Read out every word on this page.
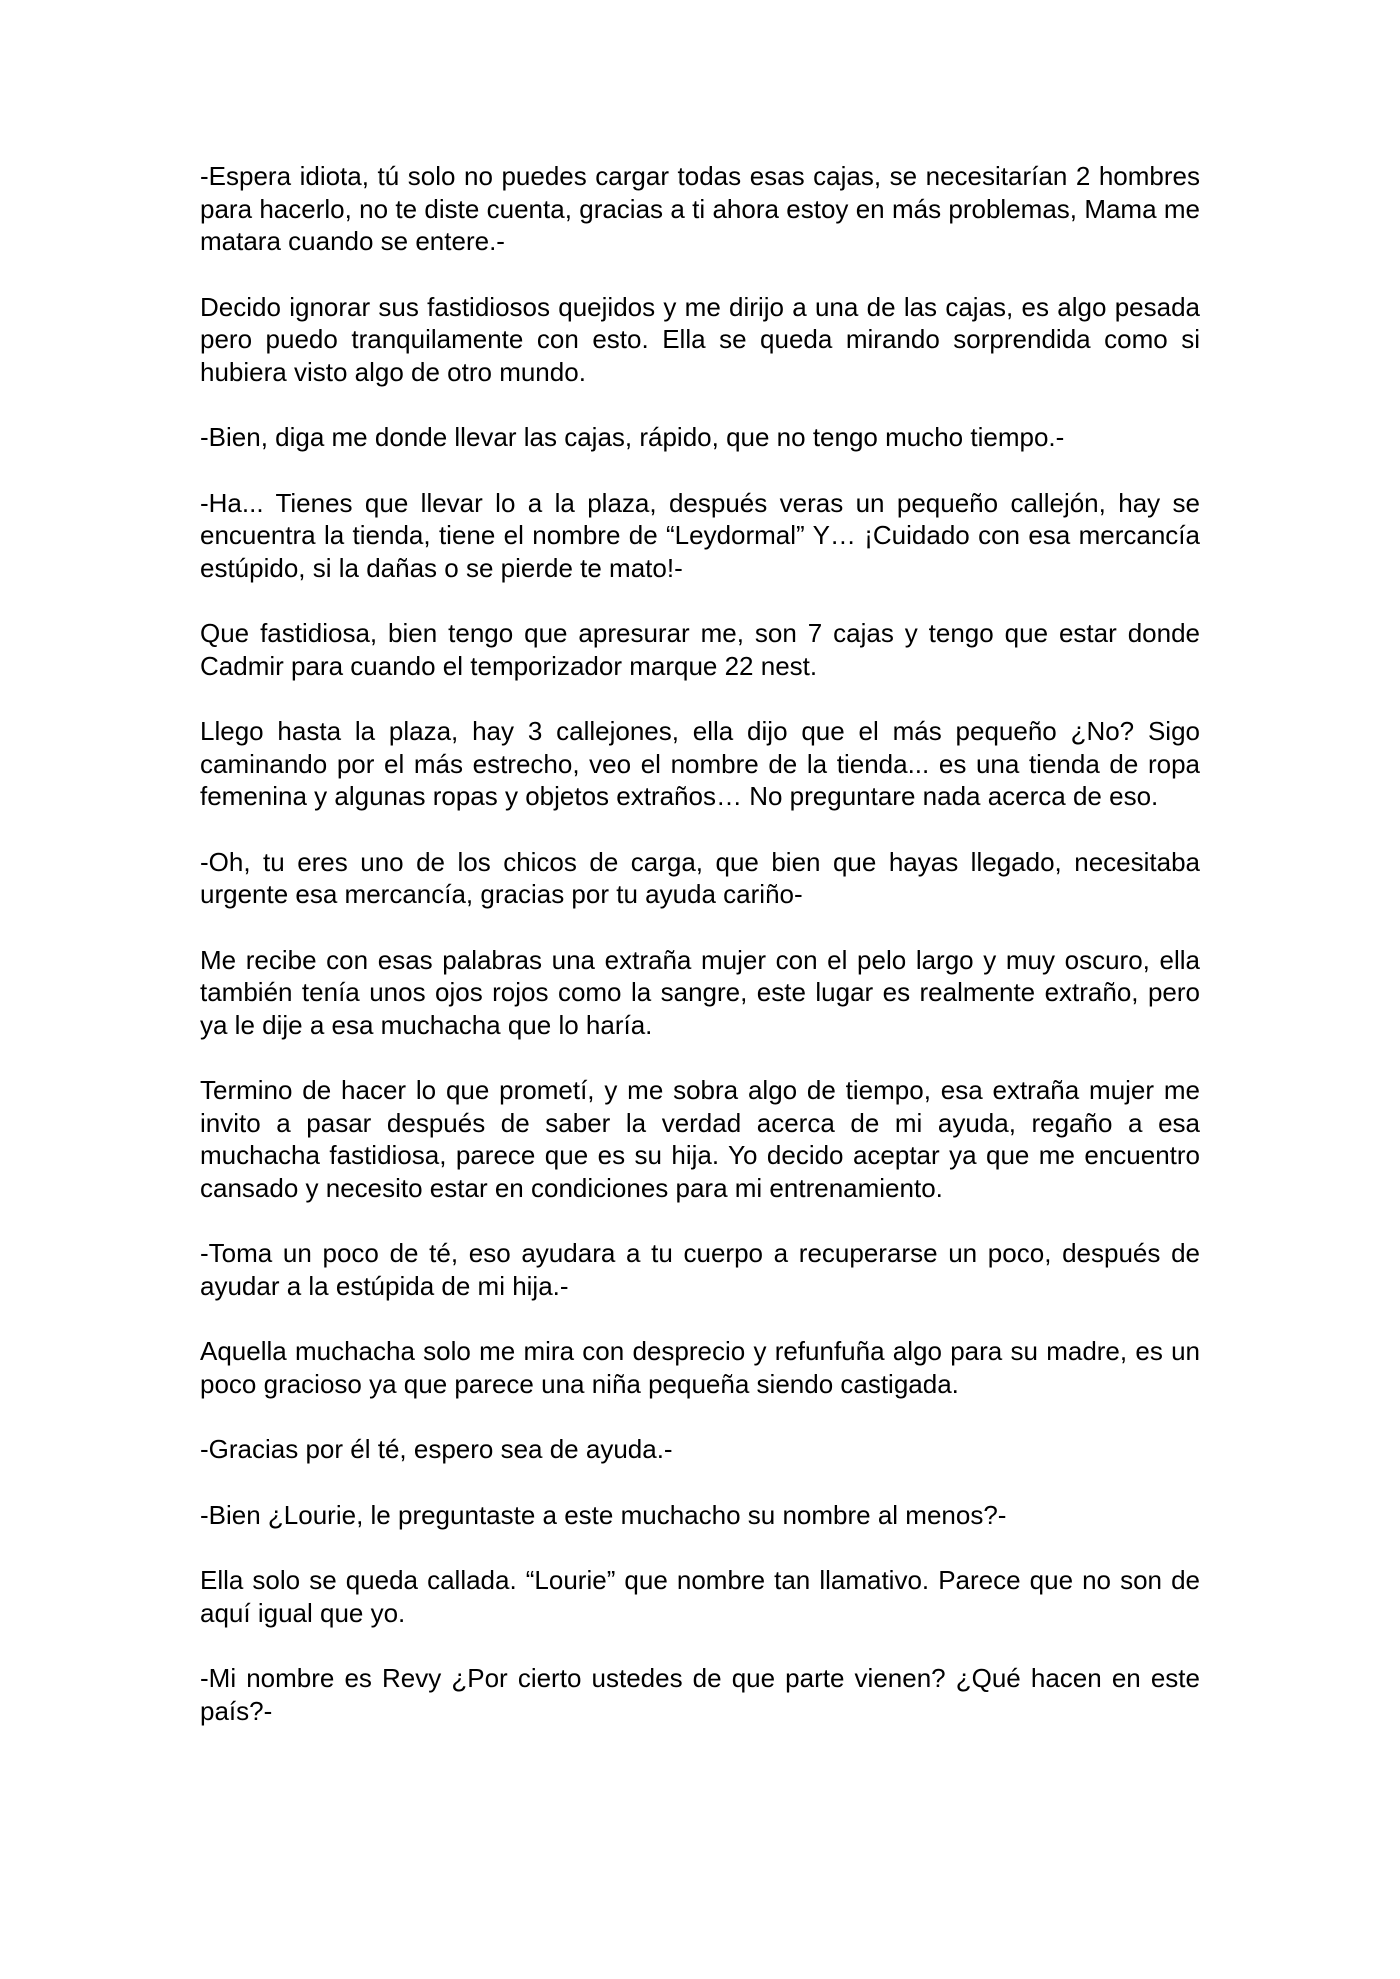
-Espera idiota, tú solo no puedes cargar todas esas cajas, se necesitarían 2 hombres para hacerlo, no te diste cuenta, gracias a ti ahora estoy en más problemas, Mama me matara cuando se entere.-

Decido ignorar sus fastidiosos quejidos y me dirijo a una de las cajas, es algo pesada pero puedo tranquilamente con esto. Ella se queda mirando sorprendida como si hubiera visto algo de otro mundo.

-Bien, diga me donde llevar las cajas, rápido, que no tengo mucho tiempo.-

-Ha... Tienes que llevar lo a la plaza, después veras un pequeño callejón, hay se encuentra la tienda, tiene el nombre de “Leydormal” Y… ¡Cuidado con esa mercancía estúpido, si la dañas o se pierde te mato!-

Que fastidiosa, bien tengo que apresurar me, son 7 cajas y tengo que estar donde Cadmir para cuando el temporizador marque 22 nest.

Llego hasta la plaza, hay 3 callejones, ella dijo que el más pequeño ¿No? Sigo caminando por el más estrecho, veo el nombre de la tienda... es una tienda de ropa femenina y algunas ropas y objetos extraños… No preguntare nada acerca de eso.

-Oh, tu eres uno de los chicos de carga, que bien que hayas llegado, necesitaba urgente esa mercancía, gracias por tu ayuda cariño-

Me recibe con esas palabras una extraña mujer con el pelo largo y muy oscuro, ella también tenía unos ojos rojos como la sangre, este lugar es realmente extraño, pero ya le dije a esa muchacha que lo haría.

Termino de hacer lo que prometí, y me sobra algo de tiempo, esa extraña mujer me invito a pasar después de saber la verdad acerca de mi ayuda, regaño a esa muchacha fastidiosa, parece que es su hija. Yo decido aceptar ya que me encuentro cansado y necesito estar en condiciones para mi entrenamiento.

-Toma un poco de té, eso ayudara a tu cuerpo a recuperarse un poco, después de ayudar a la estúpida de mi hija.-

Aquella muchacha solo me mira con desprecio y refunfuña algo para su madre, es un poco gracioso ya que parece una niña pequeña siendo castigada.

-Gracias por él té, espero sea de ayuda.-

-Bien ¿Lourie, le preguntaste a este muchacho su nombre al menos?-

Ella solo se queda callada. “Lourie” que nombre tan llamativo. Parece que no son de aquí igual que yo.

-Mi nombre es Revy ¿Por cierto ustedes de que parte vienen? ¿Qué hacen en este país?-
